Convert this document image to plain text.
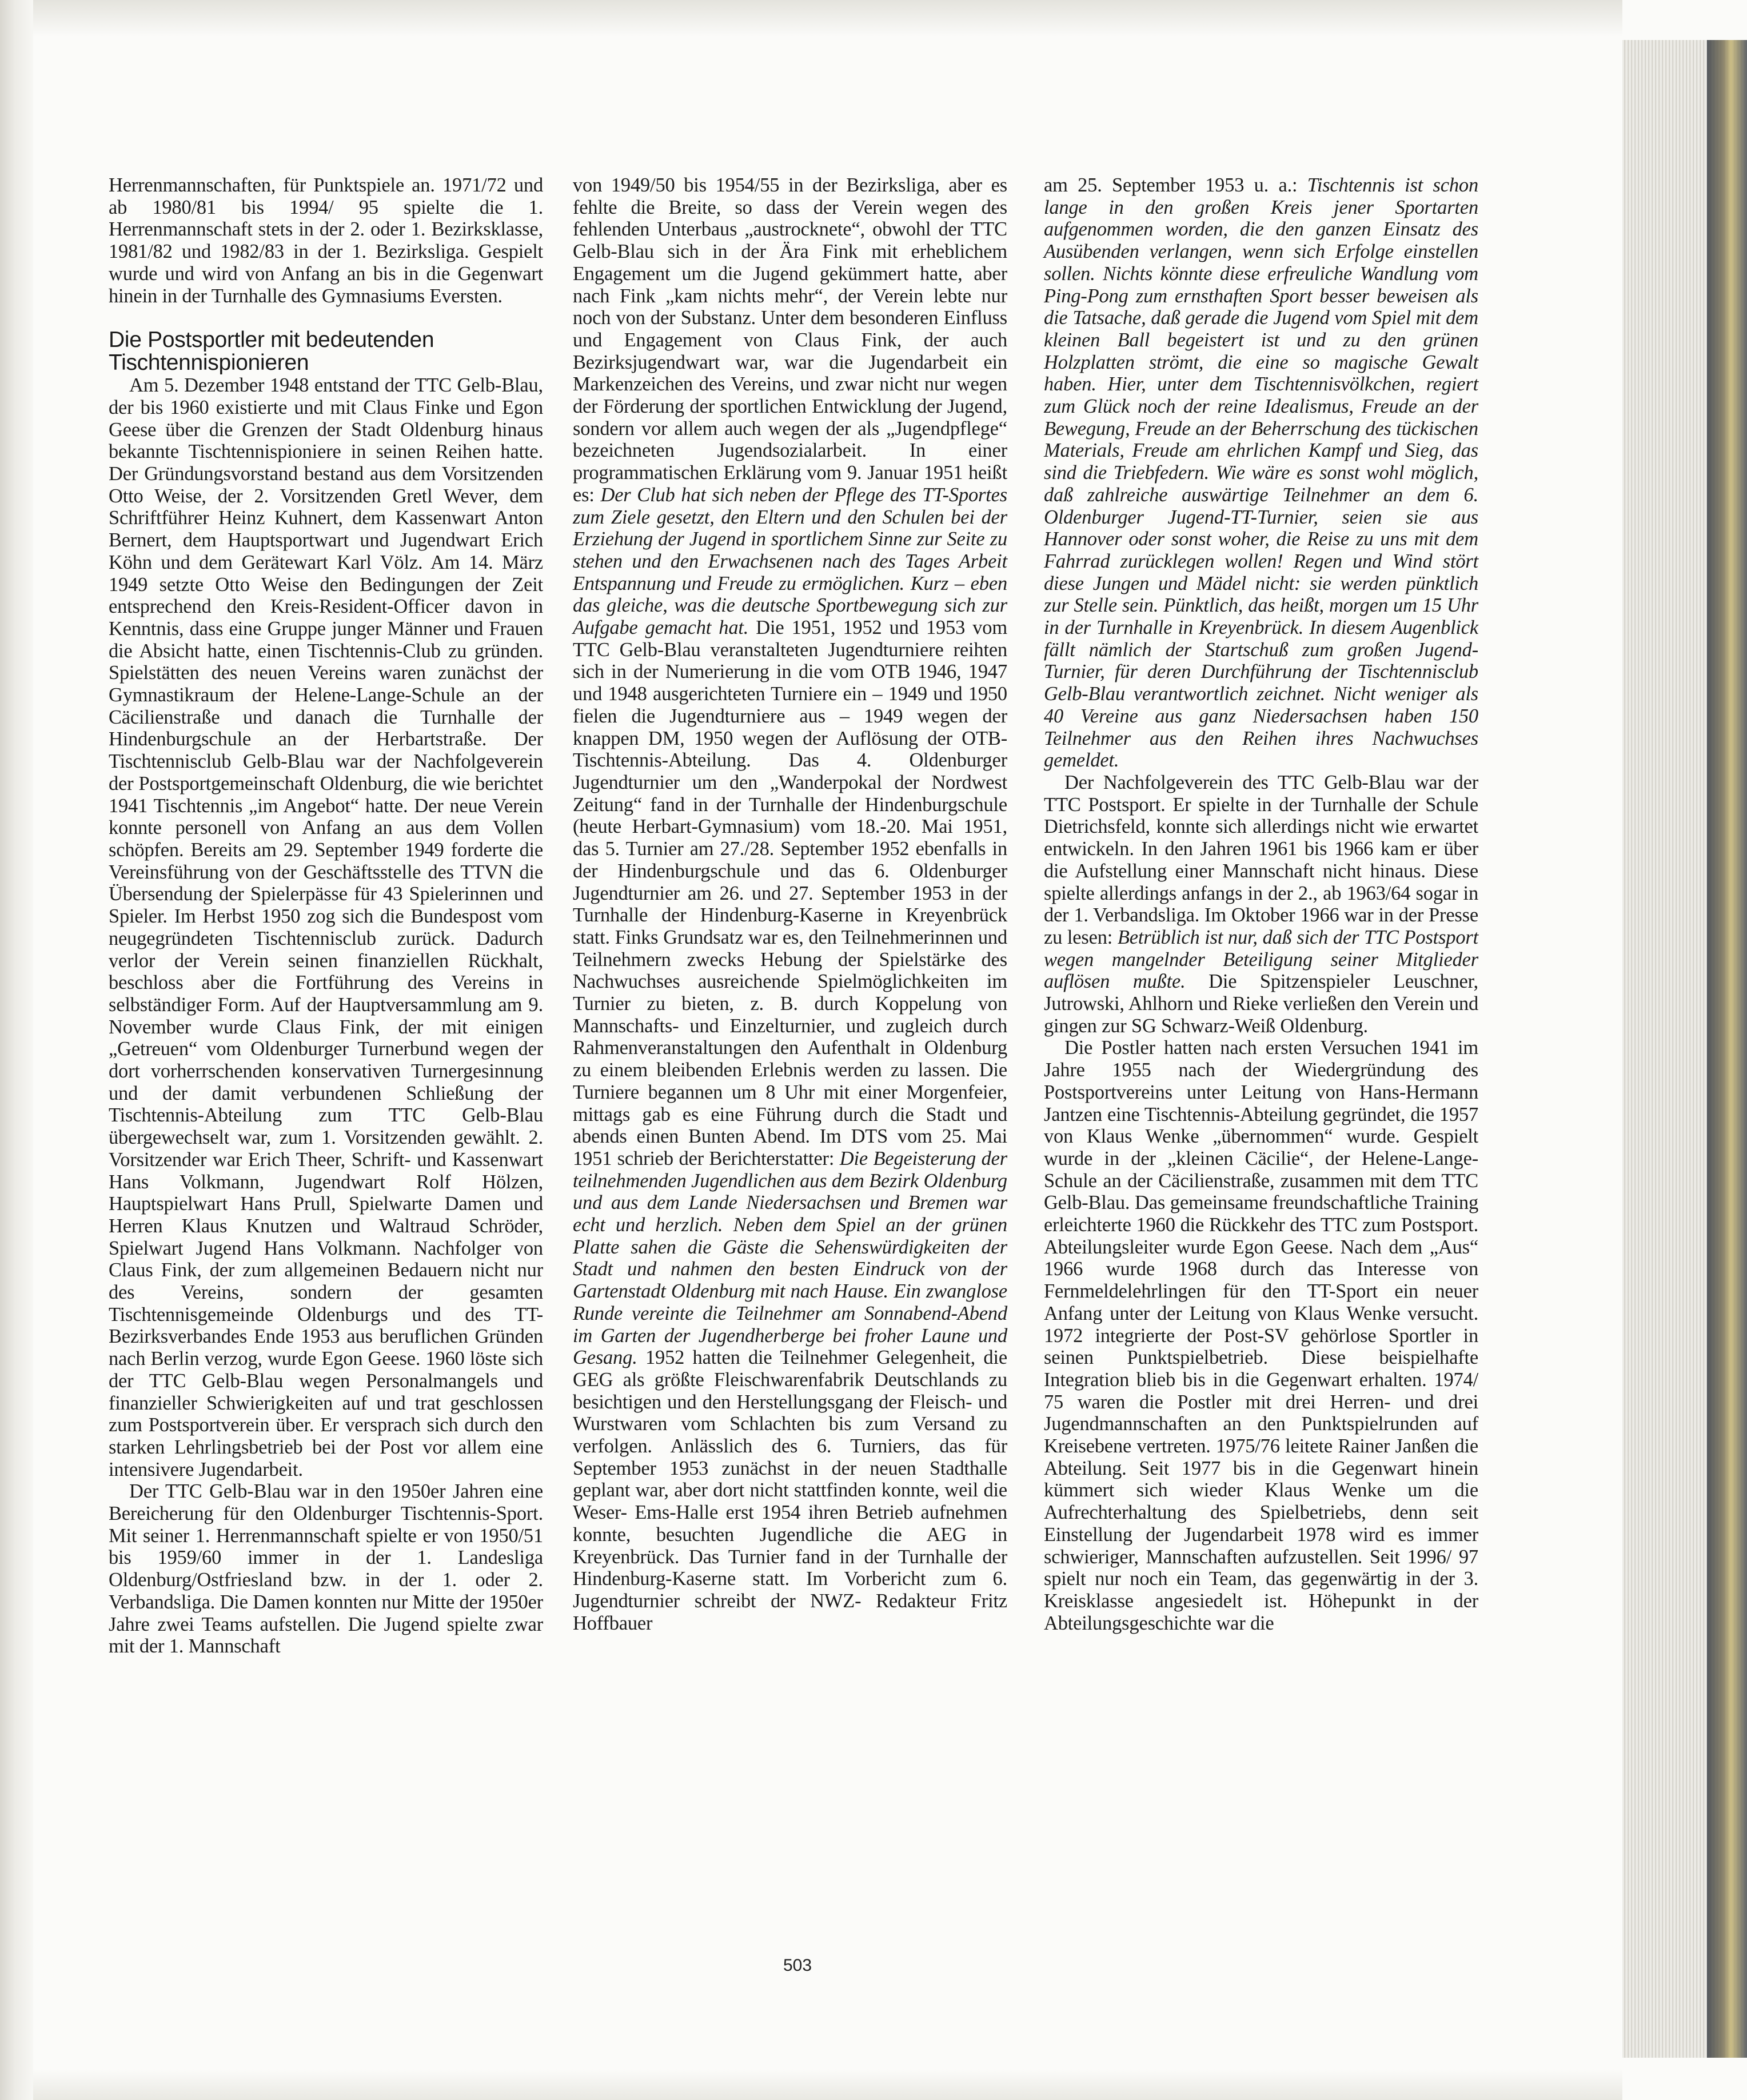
Herrenmannschaften, für Punktspiele an. 1971/72 und ab 1980/81 bis 1994/ 95 spielte die 1. Herrenmannschaft stets in der 2. oder 1. Bezirksklasse, 1981/82 und 1982/83 in der 1. Bezirksliga. Gespielt wurde und wird von Anfang an bis in die Gegenwart hinein in der Turnhalle des Gymnasiums Eversten.

Die Postsportler mit bedeutenden Tischtennispionieren

Am 5. Dezember 1948 entstand der TTC Gelb-Blau, der bis 1960 existierte und mit Claus Finke und Egon Geese über die Grenzen der Stadt Oldenburg hinaus bekannte Tischtennispioniere in seinen Reihen hatte. Der Gründungsvorstand bestand aus dem Vorsitzenden Otto Weise, der 2. Vorsitzenden Gretl Wever, dem Schriftführer Heinz Kuhnert, dem Kassenwart Anton Bernert, dem Hauptsportwart und Jugendwart Erich Köhn und dem Gerätewart Karl Völz. Am 14. März 1949 setzte Otto Weise den Bedingungen der Zeit entsprechend den Kreis-Resident-Officer davon in Kenntnis, dass eine Gruppe junger Männer und Frauen die Absicht hatte, einen Tischtennis-Club zu gründen. Spielstätten des neuen Vereins waren zunächst der Gymnastikraum der Helene-Lange-Schule an der Cäcilienstraße und danach die Turnhalle der Hindenburgschule an der Herbartstraße. Der Tischtennisclub Gelb-Blau war der Nachfolgeverein der Postsportgemeinschaft Oldenburg, die wie berichtet 1941 Tischtennis „im Angebot“ hatte. Der neue Verein konnte personell von Anfang an aus dem Vollen schöpfen. Bereits am 29. September 1949 forderte die Vereinsführung von der Geschäftsstelle des TTVN die Übersendung der Spielerpässe für 43 Spielerinnen und Spieler. Im Herbst 1950 zog sich die Bundespost vom neugegründeten Tischtennisclub zurück. Dadurch verlor der Verein seinen finanziellen Rückhalt, beschloss aber die Fortführung des Vereins in selbständiger Form. Auf der Hauptversammlung am 9. November wurde Claus Fink, der mit einigen „Getreuen“ vom Oldenburger Turnerbund wegen der dort vorherrschenden konservativen Turnergesinnung und der damit verbundenen Schließung der Tischtennis-Abteilung zum TTC Gelb-Blau übergewechselt war, zum 1. Vorsitzenden gewählt. 2. Vorsitzender war Erich Theer, Schrift- und Kassenwart Hans Volkmann, Jugendwart Rolf Hölzen, Hauptspielwart Hans Prull, Spielwarte Damen und Herren Klaus Knutzen und Waltraud Schröder, Spielwart Jugend Hans Volkmann. Nachfolger von Claus Fink, der zum allgemeinen Bedauern nicht nur des Vereins, sondern der gesamten Tischtennisgemeinde Oldenburgs und des TT-Bezirksverbandes Ende 1953 aus beruflichen Gründen nach Berlin verzog, wurde Egon Geese. 1960 löste sich der TTC Gelb-Blau wegen Personalmangels und finanzieller Schwierigkeiten auf und trat geschlossen zum Postsportverein über. Er versprach sich durch den starken Lehrlingsbetrieb bei der Post vor allem eine intensivere Jugendarbeit.

Der TTC Gelb-Blau war in den 1950er Jahren eine Bereicherung für den Oldenburger Tischtennis-Sport. Mit seiner 1. Herrenmannschaft spielte er von 1950/51 bis 1959/60 immer in der 1. Landesliga Oldenburg/Ostfriesland bzw. in der 1. oder 2. Verbandsliga. Die Damen konnten nur Mitte der 1950er Jahre zwei Teams aufstellen. Die Jugend spielte zwar mit der 1. Mannschaft

von 1949/50 bis 1954/55 in der Bezirksliga, aber es fehlte die Breite, so dass der Verein wegen des fehlenden Unterbaus „austrocknete“, obwohl der TTC Gelb-Blau sich in der Ära Fink mit erheblichem Engagement um die Jugend gekümmert hatte, aber nach Fink „kam nichts mehr“, der Verein lebte nur noch von der Substanz. Unter dem besonderen Einfluss und Engagement von Claus Fink, der auch Bezirksjugendwart war, war die Jugendarbeit ein Markenzeichen des Vereins, und zwar nicht nur wegen der Förderung der sportlichen Entwicklung der Jugend, sondern vor allem auch wegen der als „Jugendpflege“ bezeichneten Jugendsozialarbeit. In einer programmatischen Erklärung vom 9. Januar 1951 heißt es: Der Club hat sich neben der Pflege des TT-Sportes zum Ziele gesetzt, den Eltern und den Schulen bei der Erziehung der Jugend in sportlichem Sinne zur Seite zu stehen und den Erwachsenen nach des Tages Arbeit Entspannung und Freude zu ermöglichen. Kurz – eben das gleiche, was die deutsche Sportbewegung sich zur Aufgabe gemacht hat. Die 1951, 1952 und 1953 vom TTC Gelb-Blau veranstalteten Jugendturniere reihten sich in der Numerierung in die vom OTB 1946, 1947 und 1948 ausgerichteten Turniere ein – 1949 und 1950 fielen die Jugendturniere aus – 1949 wegen der knappen DM, 1950 wegen der Auflösung der OTB- Tischtennis-Abteilung. Das 4. Oldenburger Jugendturnier um den „Wanderpokal der Nordwest Zeitung“ fand in der Turnhalle der Hindenburgschule (heute Herbart-Gymnasium) vom 18.-20. Mai 1951, das 5. Turnier am 27./28. September 1952 ebenfalls in der Hindenburgschule und das 6. Oldenburger Jugendturnier am 26. und 27. September 1953 in der Turnhalle der Hindenburg-Kaserne in Kreyenbrück statt. Finks Grundsatz war es, den Teilnehmerinnen und Teilnehmern zwecks Hebung der Spielstärke des Nachwuchses ausreichende Spielmöglichkeiten im Turnier zu bieten, z. B. durch Koppelung von Mannschafts- und Einzelturnier, und zugleich durch Rahmenveranstaltungen den Aufenthalt in Oldenburg zu einem bleibenden Erlebnis werden zu lassen. Die Turniere begannen um 8 Uhr mit einer Morgenfeier, mittags gab es eine Führung durch die Stadt und abends einen Bunten Abend. Im DTS vom 25. Mai 1951 schrieb der Berichterstatter: Die Begeisterung der teilnehmenden Jugendlichen aus dem Bezirk Oldenburg und aus dem Lande Niedersachsen und Bremen war echt und herzlich. Neben dem Spiel an der grünen Platte sahen die Gäste die Sehenswürdigkeiten der Stadt und nahmen den besten Eindruck von der Gartenstadt Oldenburg mit nach Hause. Ein zwanglose Runde vereinte die Teilnehmer am Sonnabend-Abend im Garten der Jugendherberge bei froher Laune und Gesang. 1952 hatten die Teilnehmer Gelegenheit, die GEG als größte Fleischwarenfabrik Deutschlands zu besichtigen und den Herstellungsgang der Fleisch- und Wurstwaren vom Schlachten bis zum Versand zu verfolgen. Anlässlich des 6. Turniers, das für September 1953 zunächst in der neuen Stadthalle geplant war, aber dort nicht stattfinden konnte, weil die Weser- Ems-Halle erst 1954 ihren Betrieb aufnehmen konnte, besuchten Jugendliche die AEG in Kreyenbrück. Das Turnier fand in der Turnhalle der Hindenburg-Kaserne statt. Im Vorbericht zum 6. Jugendturnier schreibt der NWZ- Redakteur Fritz Hoffbauer

am 25. September 1953 u. a.: Tischtennis ist schon lange in den großen Kreis jener Sportarten aufgenommen worden, die den ganzen Einsatz des Ausübenden verlangen, wenn sich Erfolge einstellen sollen. Nichts könnte diese erfreuliche Wandlung vom Ping-Pong zum ernsthaften Sport besser beweisen als die Tatsache, daß gerade die Jugend vom Spiel mit dem kleinen Ball begeistert ist und zu den grünen Holzplatten strömt, die eine so magische Gewalt haben. Hier, unter dem Tischtennisvölkchen, regiert zum Glück noch der reine Idealismus, Freude an der Bewegung, Freude an der Beherrschung des tückischen Materials, Freude am ehrlichen Kampf und Sieg, das sind die Triebfedern. Wie wäre es sonst wohl möglich, daß zahlreiche auswärtige Teilnehmer an dem 6. Oldenburger Jugend-TT-Turnier, seien sie aus Hannover oder sonst woher, die Reise zu uns mit dem Fahrrad zurücklegen wollen! Regen und Wind stört diese Jungen und Mädel nicht: sie werden pünktlich zur Stelle sein. Pünktlich, das heißt, morgen um 15 Uhr in der Turnhalle in Kreyenbrück. In diesem Augenblick fällt nämlich der Startschuß zum großen Jugend-Turnier, für deren Durchführung der Tischtennisclub Gelb-Blau verantwortlich zeichnet. Nicht weniger als 40 Vereine aus ganz Niedersachsen haben 150 Teilnehmer aus den Reihen ihres Nachwuchses gemeldet.

Der Nachfolgeverein des TTC Gelb-Blau war der TTC Postsport. Er spielte in der Turnhalle der Schule Dietrichsfeld, konnte sich allerdings nicht wie erwartet entwickeln. In den Jahren 1961 bis 1966 kam er über die Aufstellung einer Mannschaft nicht hinaus. Diese spielte allerdings anfangs in der 2., ab 1963/64 sogar in der 1. Verbandsliga. Im Oktober 1966 war in der Presse zu lesen: Betrüblich ist nur, daß sich der TTC Postsport wegen mangelnder Beteiligung seiner Mitglieder auflösen mußte. Die Spitzenspieler Leuschner, Jutrowski, Ahlhorn und Rieke verließen den Verein und gingen zur SG Schwarz-Weiß Oldenburg.

Die Postler hatten nach ersten Versuchen 1941 im Jahre 1955 nach der Wiedergründung des Postsportvereins unter Leitung von Hans-Hermann Jantzen eine Tischtennis-Abteilung gegründet, die 1957 von Klaus Wenke „übernommen“ wurde. Gespielt wurde in der „kleinen Cäcilie“, der Helene-Lange-Schule an der Cäcilienstraße, zusammen mit dem TTC Gelb-Blau. Das gemeinsame freundschaftliche Training erleichterte 1960 die Rückkehr des TTC zum Postsport. Abteilungsleiter wurde Egon Geese. Nach dem „Aus“ 1966 wurde 1968 durch das Interesse von Fernmeldelehrlingen für den TT-Sport ein neuer Anfang unter der Leitung von Klaus Wenke versucht. 1972 integrierte der Post-SV gehörlose Sportler in seinen Punktspielbetrieb. Diese beispielhafte Integration blieb bis in die Gegenwart erhalten. 1974/ 75 waren die Postler mit drei Herren- und drei Jugendmannschaften an den Punktspielrunden auf Kreisebene vertreten. 1975/76 leitete Rainer Janßen die Abteilung. Seit 1977 bis in die Gegenwart hinein kümmert sich wieder Klaus Wenke um die Aufrechterhaltung des Spielbetriebs, denn seit Einstellung der Jugendarbeit 1978 wird es immer schwieriger, Mannschaften aufzustellen. Seit 1996/ 97 spielt nur noch ein Team, das gegenwärtig in der 3. Kreisklasse angesiedelt ist. Höhepunkt in der Abteilungsgeschichte war die

503
